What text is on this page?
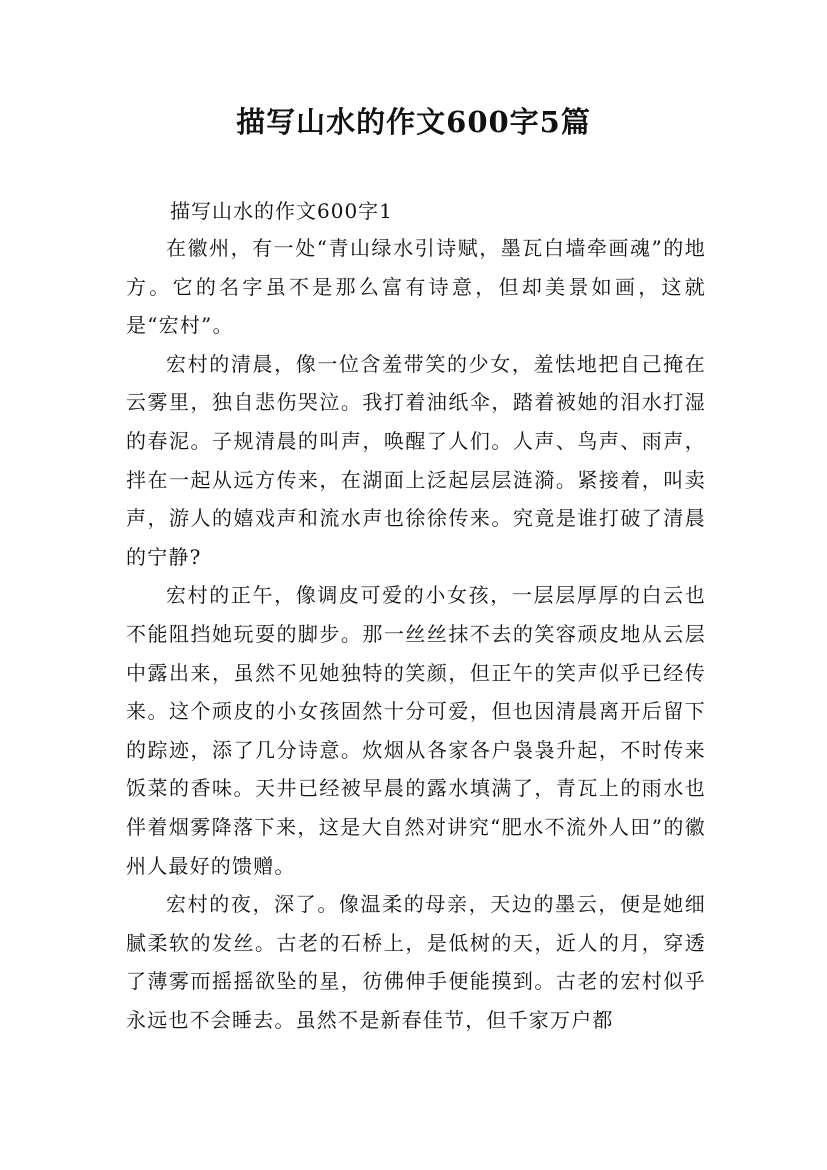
描写山水的作文600字5篇
描写山水的作文600字1

在徽州，有一处“青山绿水引诗赋，墨瓦白墙牵画魂”的地方。它的名字虽不是那么富有诗意，但却美景如画，这就是“宏村”。

宏村的清晨，像一位含羞带笑的少女，羞怯地把自己掩在云雾里，独自悲伤哭泣。我打着油纸伞，踏着被她的泪水打湿的春泥。子规清晨的叫声，唤醒了人们。人声、鸟声、雨声，拌在一起从远方传来，在湖面上泛起层层涟漪。紧接着，叫卖声，游人的嬉戏声和流水声也徐徐传来。究竟是谁打破了清晨的宁静?

宏村的正午，像调皮可爱的小女孩，一层层厚厚的白云也不能阻挡她玩耍的脚步。那一丝丝抹不去的笑容顽皮地从云层中露出来，虽然不见她独特的笑颜，但正午的笑声似乎已经传来。这个顽皮的小女孩固然十分可爱，但也因清晨离开后留下的踪迹，添了几分诗意。炊烟从各家各户袅袅升起，不时传来饭菜的香味。天井已经被早晨的露水填满了，青瓦上的雨水也伴着烟雾降落下来，这是大自然对讲究“肥水不流外人田”的徽州人最好的馈赠。

宏村的夜，深了。像温柔的母亲，天边的墨云，便是她细腻柔软的发丝。古老的石桥上，是低树的天，近人的月，穿透了薄雾而摇摇欲坠的星，彷佛伸手便能摸到。古老的宏村似乎永远也不会睡去。虽然不是新春佳节，但千家万户都
